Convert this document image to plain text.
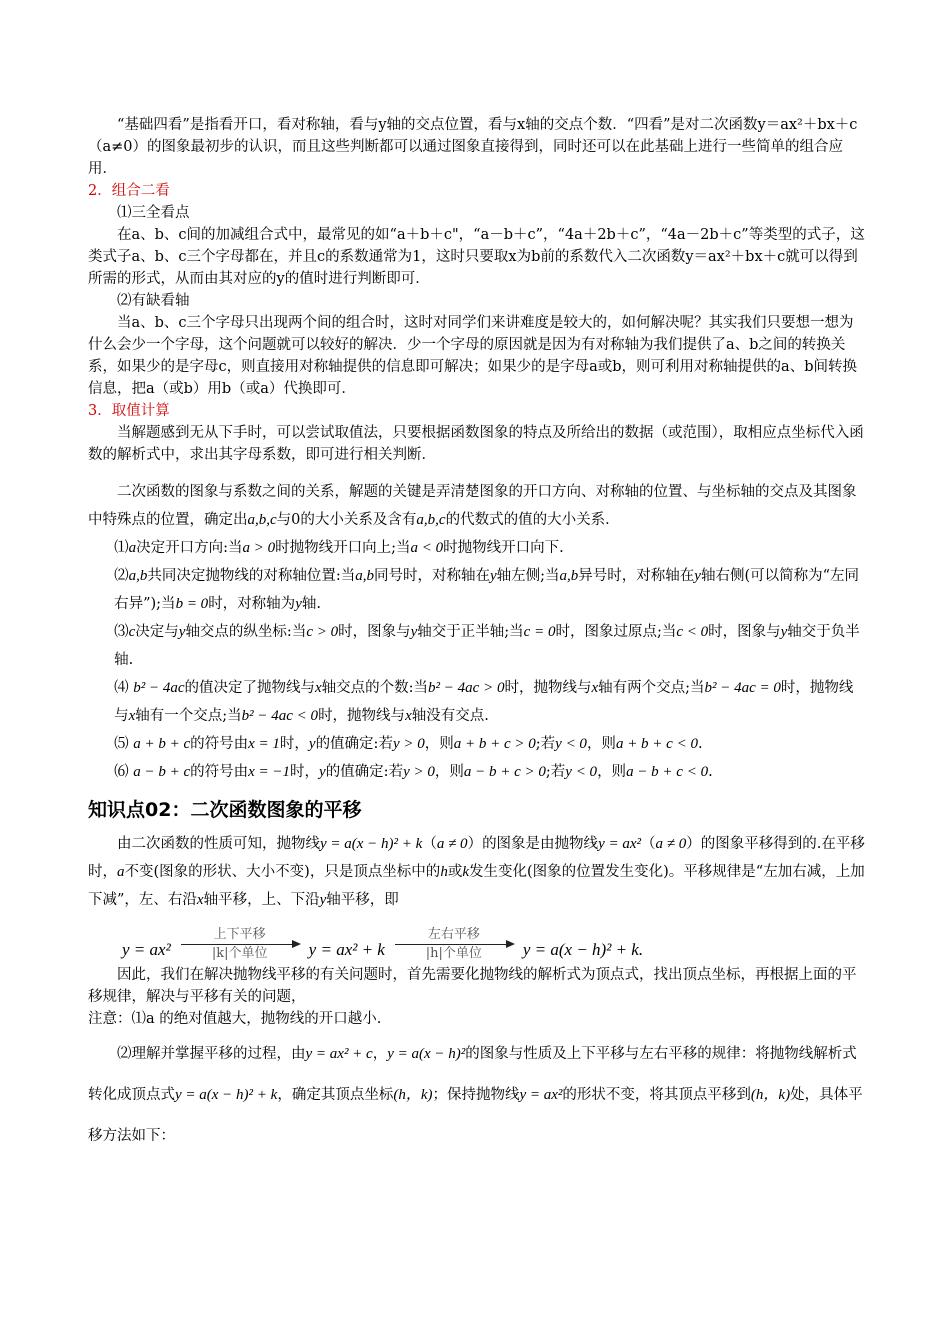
“基础四看”是指看开口，看对称轴，看与y轴的交点位置，看与x轴的交点个数．“四看”是对二次函数y＝ax²＋bx＋c（a≠0）的图象最初步的认识，而且这些判断都可以通过图象直接得到，同时还可以在此基础上进行一些简单的组合应用．

2．组合二看

⑴三全看点

在a、b、c间的加减组合式中，最常见的如“a＋b＋c"，“a－b＋c”，“4a＋2b＋c”，“4a－2b＋c”等类型的式子，这类式子a、b、c三个字母都在，并且c的系数通常为1，这时只要取x为b前的系数代入二次函数y＝ax²＋bx＋c就可以得到所需的形式，从而由其对应的y的值时进行判断即可．

⑵有缺看轴

当a、b、c三个字母只出现两个间的组合时，这时对同学们来讲难度是较大的，如何解决呢？其实我们只要想一想为什么会少一个字母，这个问题就可以较好的解决．少一个字母的原因就是因为有对称轴为我们提供了a、b之间的转换关系，如果少的是字母c，则直接用对称轴提供的信息即可解决；如果少的是字母a或b，则可利用对称轴提供的a、b间转换信息，把a（或b）用b（或a）代换即可．

3．取值计算

当解题感到无从下手时，可以尝试取值法，只要根据函数图象的特点及所给出的数据（或范围），取相应点坐标代入函数的解析式中，求出其字母系数，即可进行相关判断．

二次函数的图象与系数之间的关系，解题的关键是弄清楚图象的开口方向、对称轴的位置、与坐标轴的交点及其图象中特殊点的位置，确定出a,b,c与0的大小关系及含有a,b,c的代数式的值的大小关系．

⑴a决定开口方向:当a > 0时抛物线开口向上;当a < 0时抛物线开口向下.

⑵a,b共同决定抛物线的对称轴位置:当a,b同号时，对称轴在y轴左侧;当a,b异号时，对称轴在y轴右侧(可以简称为“左同右异”);当b = 0时，对称轴为y轴.

⑶c决定与y轴交点的纵坐标:当c > 0时，图象与y轴交于正半轴;当c = 0时，图象过原点;当c < 0时，图象与y轴交于负半轴.

⑷ b² − 4ac的值决定了抛物线与x轴交点的个数:当b² − 4ac > 0时，抛物线与x轴有两个交点;当b² − 4ac = 0时，抛物线与x轴有一个交点;当b² − 4ac < 0时，抛物线与x轴没有交点.

⑸ a + b + c的符号由x = 1时，y的值确定:若y > 0，则a + b + c > 0;若y < 0，则a + b + c < 0.

⑹ a − b + c的符号由x = −1时，y的值确定:若y > 0，则a − b + c > 0;若y < 0，则a − b + c < 0.

知识点02：二次函数图象的平移

由二次函数的性质可知，抛物线y = a(x − h)² + k（a ≠ 0）的图象是由抛物线y = ax²（a ≠ 0）的图象平移得到的.在平移时，a不变(图象的形状、大小不变)，只是顶点坐标中的h或k发生变化(图象的位置发生变化)。平移规律是“左加右减，上加下减”，左、右沿x轴平移，上、下沿y轴平移，即

y = ax²
上下平移
|k|个单位 y = ax² + k
左右平移
|h|个单位 y = a(x − h)² + k.

因此，我们在解决抛物线平移的有关问题时，首先需要化抛物线的解析式为顶点式，找出顶点坐标，再根据上面的平移规律，解决与平移有关的问题，

注意：⑴a 的绝对值越大，抛物线的开口越小.

⑵理解并掌握平移的过程，由y = ax² + c，y = a(x − h)²的图象与性质及上下平移与左右平移的规律：将抛物线解析式转化成顶点式y = a(x − h)² + k，确定其顶点坐标(h，k)；保持抛物线y = ax²的形状不变，将其顶点平移到(h，k)处，具体平移方法如下：
